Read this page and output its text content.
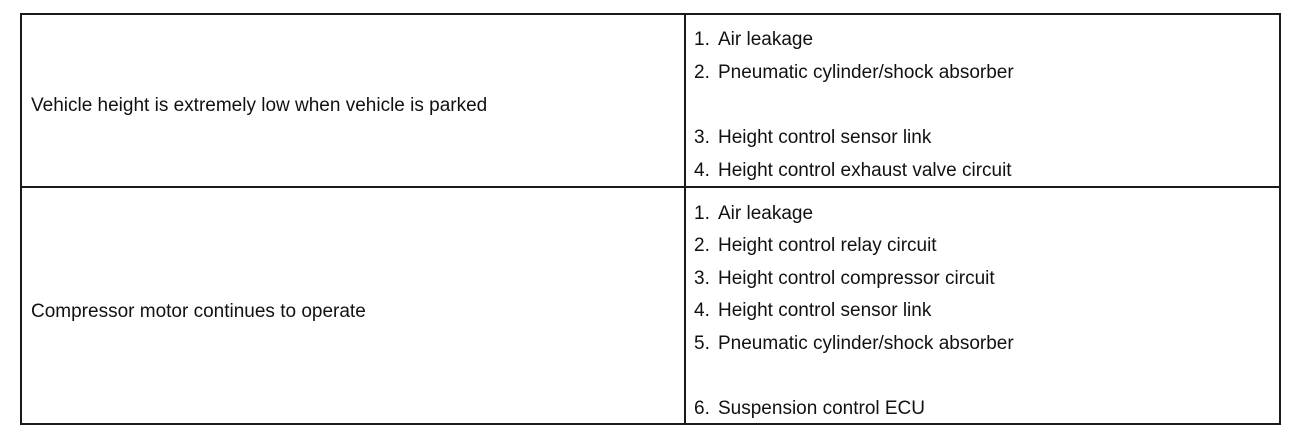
Vehicle height is extremely low when vehicle is parked
1. Air leakage
2. Pneumatic cylinder/shock absorber
3. Height control sensor link
4. Height control exhaust valve circuit
Compressor motor continues to operate
1. Air leakage
2. Height control relay circuit
3. Height control compressor circuit
4. Height control sensor link
5. Pneumatic cylinder/shock absorber
6. Suspension control ECU
